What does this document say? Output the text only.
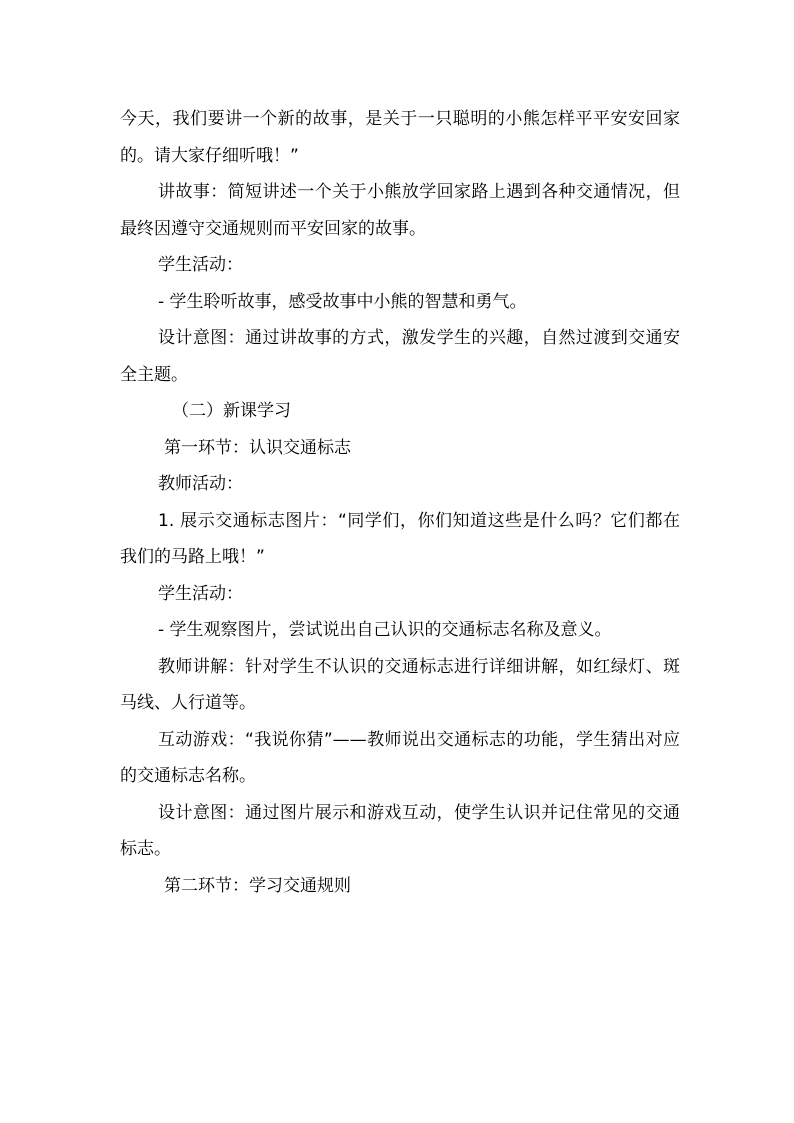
今天，我们要讲一个新的故事，是关于一只聪明的小熊怎样平平安安回家的。请大家仔细听哦！”

讲故事：简短讲述一个关于小熊放学回家路上遇到各种交通情况，但最终因遵守交通规则而平安回家的故事。

学生活动：

- 学生聆听故事，感受故事中小熊的智慧和勇气。

设计意图：通过讲故事的方式，激发学生的兴趣，自然过渡到交通安全主题。

（二）新课学习

第一环节：认识交通标志

教师活动：

1. 展示交通标志图片：“同学们，你们知道这些是什么吗？它们都在我们的马路上哦！”

学生活动：

- 学生观察图片，尝试说出自己认识的交通标志名称及意义。

教师讲解：针对学生不认识的交通标志进行详细讲解，如红绿灯、斑马线、人行道等。

互动游戏：“我说你猜”——教师说出交通标志的功能，学生猜出对应的交通标志名称。

设计意图：通过图片展示和游戏互动，使学生认识并记住常见的交通标志。

第二环节：学习交通规则
